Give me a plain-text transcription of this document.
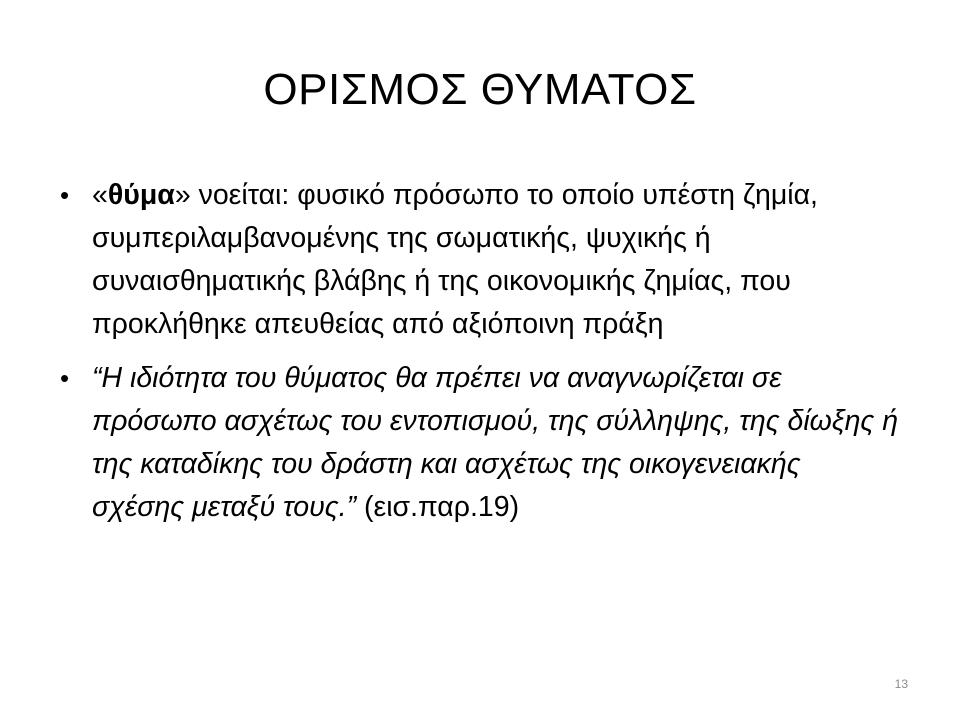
ΟΡΙΣΜΟΣ ΘΥΜΑΤΟΣ
• «θύμα» νοείται: φυσικό πρόσωπο το οποίο υπέστη ζημία, συμπεριλαμβανομένης της σωματικής, ψυχικής ή συναισθηματικής βλάβης ή της οικονομικής ζημίας, που προκλήθηκε απευθείας από αξιόποινη πράξη
• “Η ιδιότητα του θύματος θα πρέπει να αναγνωρίζεται σε πρόσωπο ασχέτως του εντοπισμού, της σύλληψης, της δίωξης ή της καταδίκης του δράστη και ασχέτως της οικογενειακής σχέσης μεταξύ τους.” (εισ.παρ.19)
13
